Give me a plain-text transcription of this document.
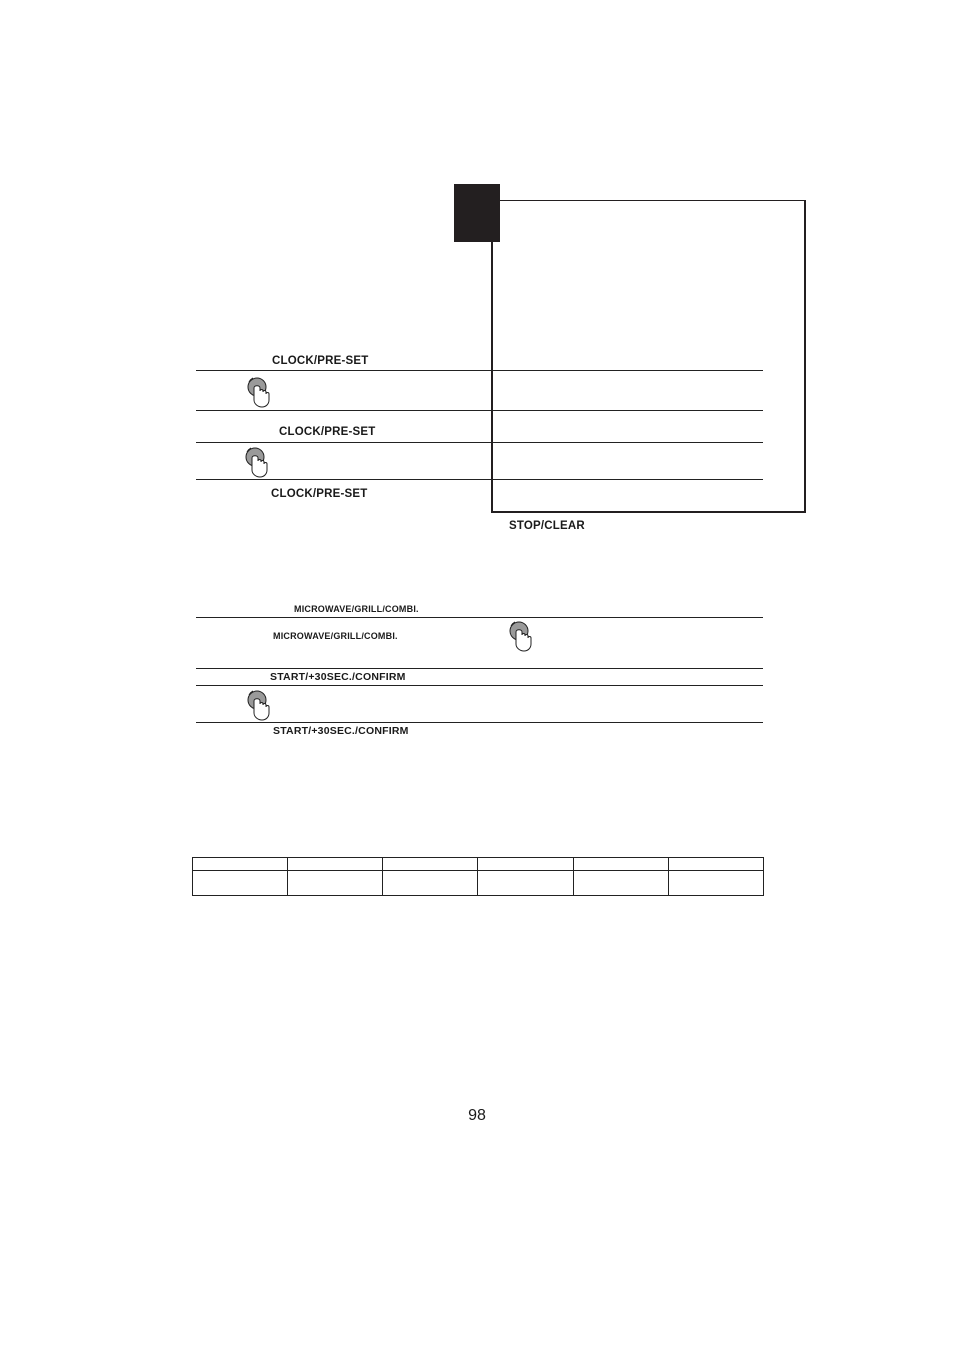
CLOCK/PRE-SET
CLOCK/PRE-SET
CLOCK/PRE-SET
STOP/CLEAR
MICROWAVE/GRILL/COMBI.
MICROWAVE/GRILL/COMBI.
START/+30SEC./CONFIRM
START/+30SEC./CONFIRM

98
